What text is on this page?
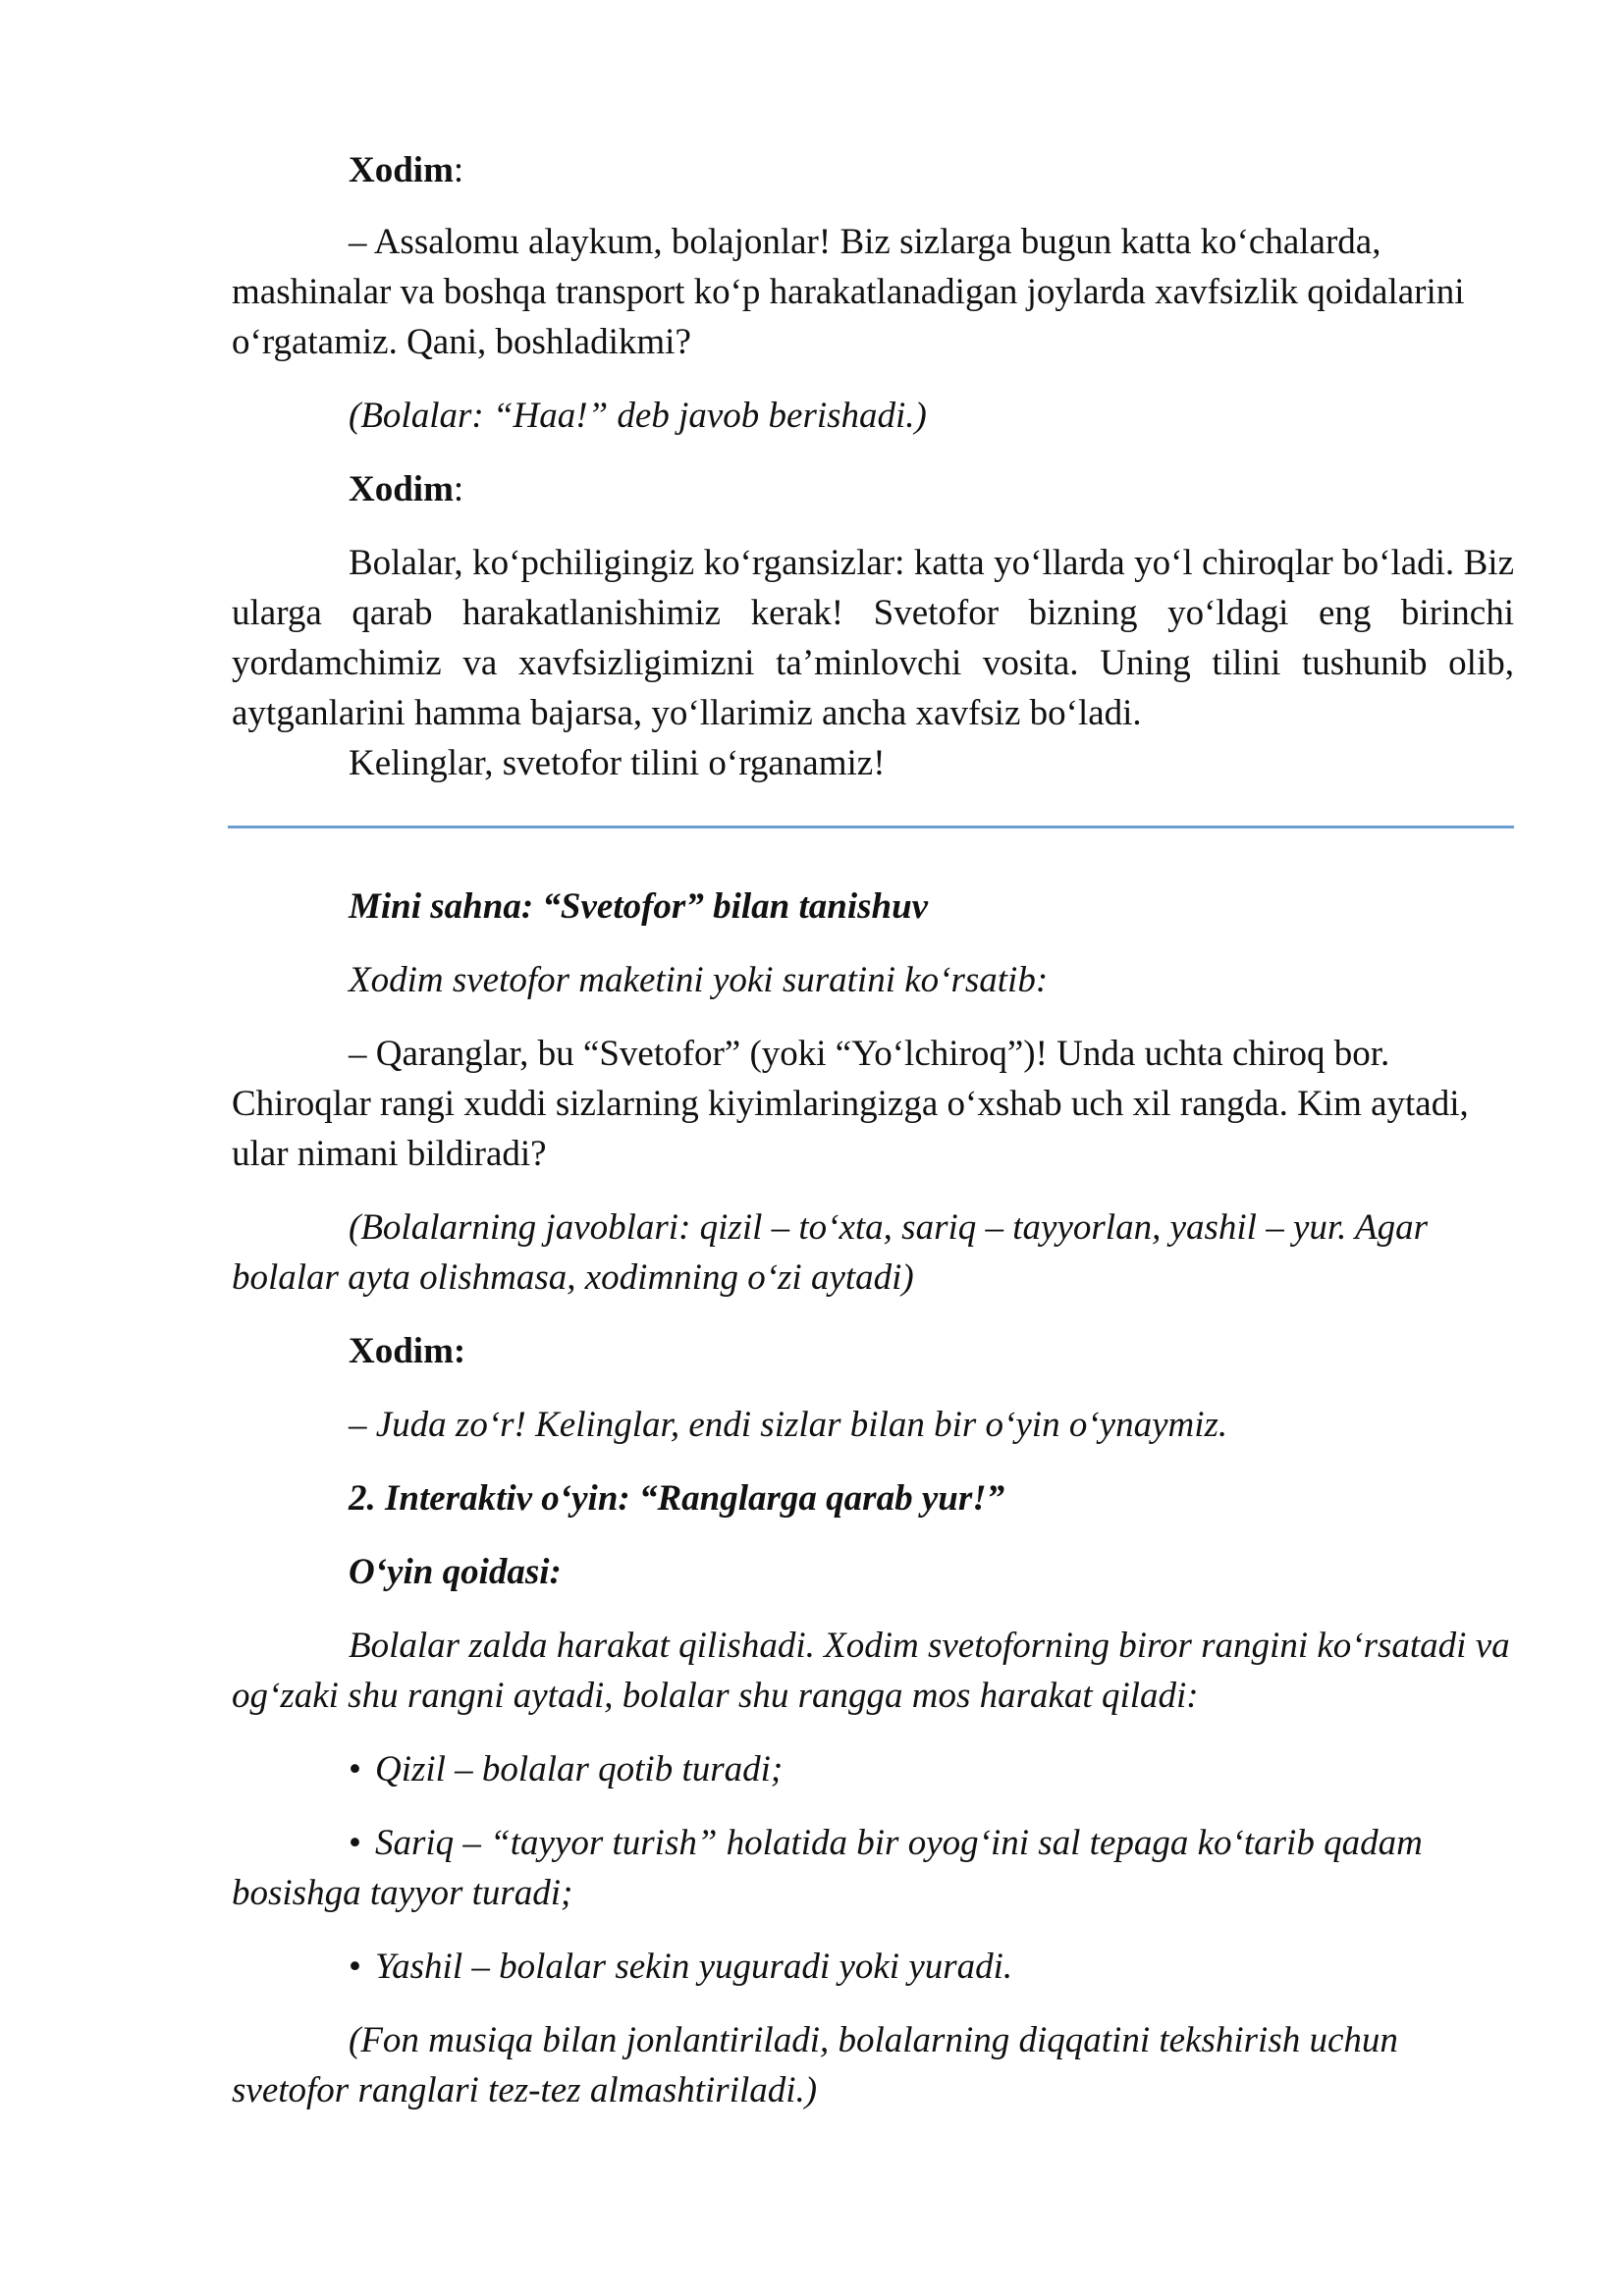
Xodim:

– Assalomu alaykum, bolajonlar! Biz sizlarga bugun katta ko‘chalarda, mashinalar va boshqa transport ko‘p harakatlanadigan joylarda xavfsizlik qoidalarini o‘rgatamiz. Qani, boshladikmi?

(Bolalar: “Haa!” deb javob berishadi.)

Xodim:

Bolalar, ko‘pchiligingiz ko‘rgansizlar: katta yo‘llarda yo‘l chiroqlar bo‘ladi. Biz ularga qarab harakatlanishimiz kerak! Svetofor bizning yo‘ldagi eng birinchi yordamchimiz va xavfsizligimizni ta’minlovchi vosita. Uning tilini tushunib olib, aytganlarini hamma bajarsa, yo‘llarimiz ancha xavfsiz bo‘ladi.

Kelinglar, svetofor tilini o‘rganamiz!

Mini sahna: “Svetofor” bilan tanishuv

Xodim svetofor maketini yoki suratini ko‘rsatib:

– Qaranglar, bu “Svetofor” (yoki “Yo‘lchiroq”)! Unda uchta chiroq bor. Chiroqlar rangi xuddi sizlarning kiyimlaringizga o‘xshab uch xil rangda. Kim aytadi, ular nimani bildiradi?

(Bolalarning javoblari: qizil – to‘xta, sariq – tayyorlan, yashil – yur. Agar bolalar ayta olishmasa, xodimning o‘zi aytadi)

Xodim:

– Juda zo‘r! Kelinglar, endi sizlar bilan bir o‘yin o‘ynaymiz.

2. Interaktiv o‘yin: “Ranglarga qarab yur!”

O‘yin qoidasi:

Bolalar zalda harakat qilishadi. Xodim svetoforning biror rangini ko‘rsatadi va og‘zaki shu rangni aytadi, bolalar shu rangga mos harakat qiladi:

• Qizil – bolalar qotib turadi;

• Sariq – “tayyor turish” holatida bir oyog‘ini sal tepaga ko‘tarib qadam bosishga tayyor turadi;

• Yashil – bolalar sekin yuguradi yoki yuradi.

(Fon musiqa bilan jonlantiriladi, bolalarning diqqatini tekshirish uchun svetofor ranglari tez-tez almashtiriladi.)
